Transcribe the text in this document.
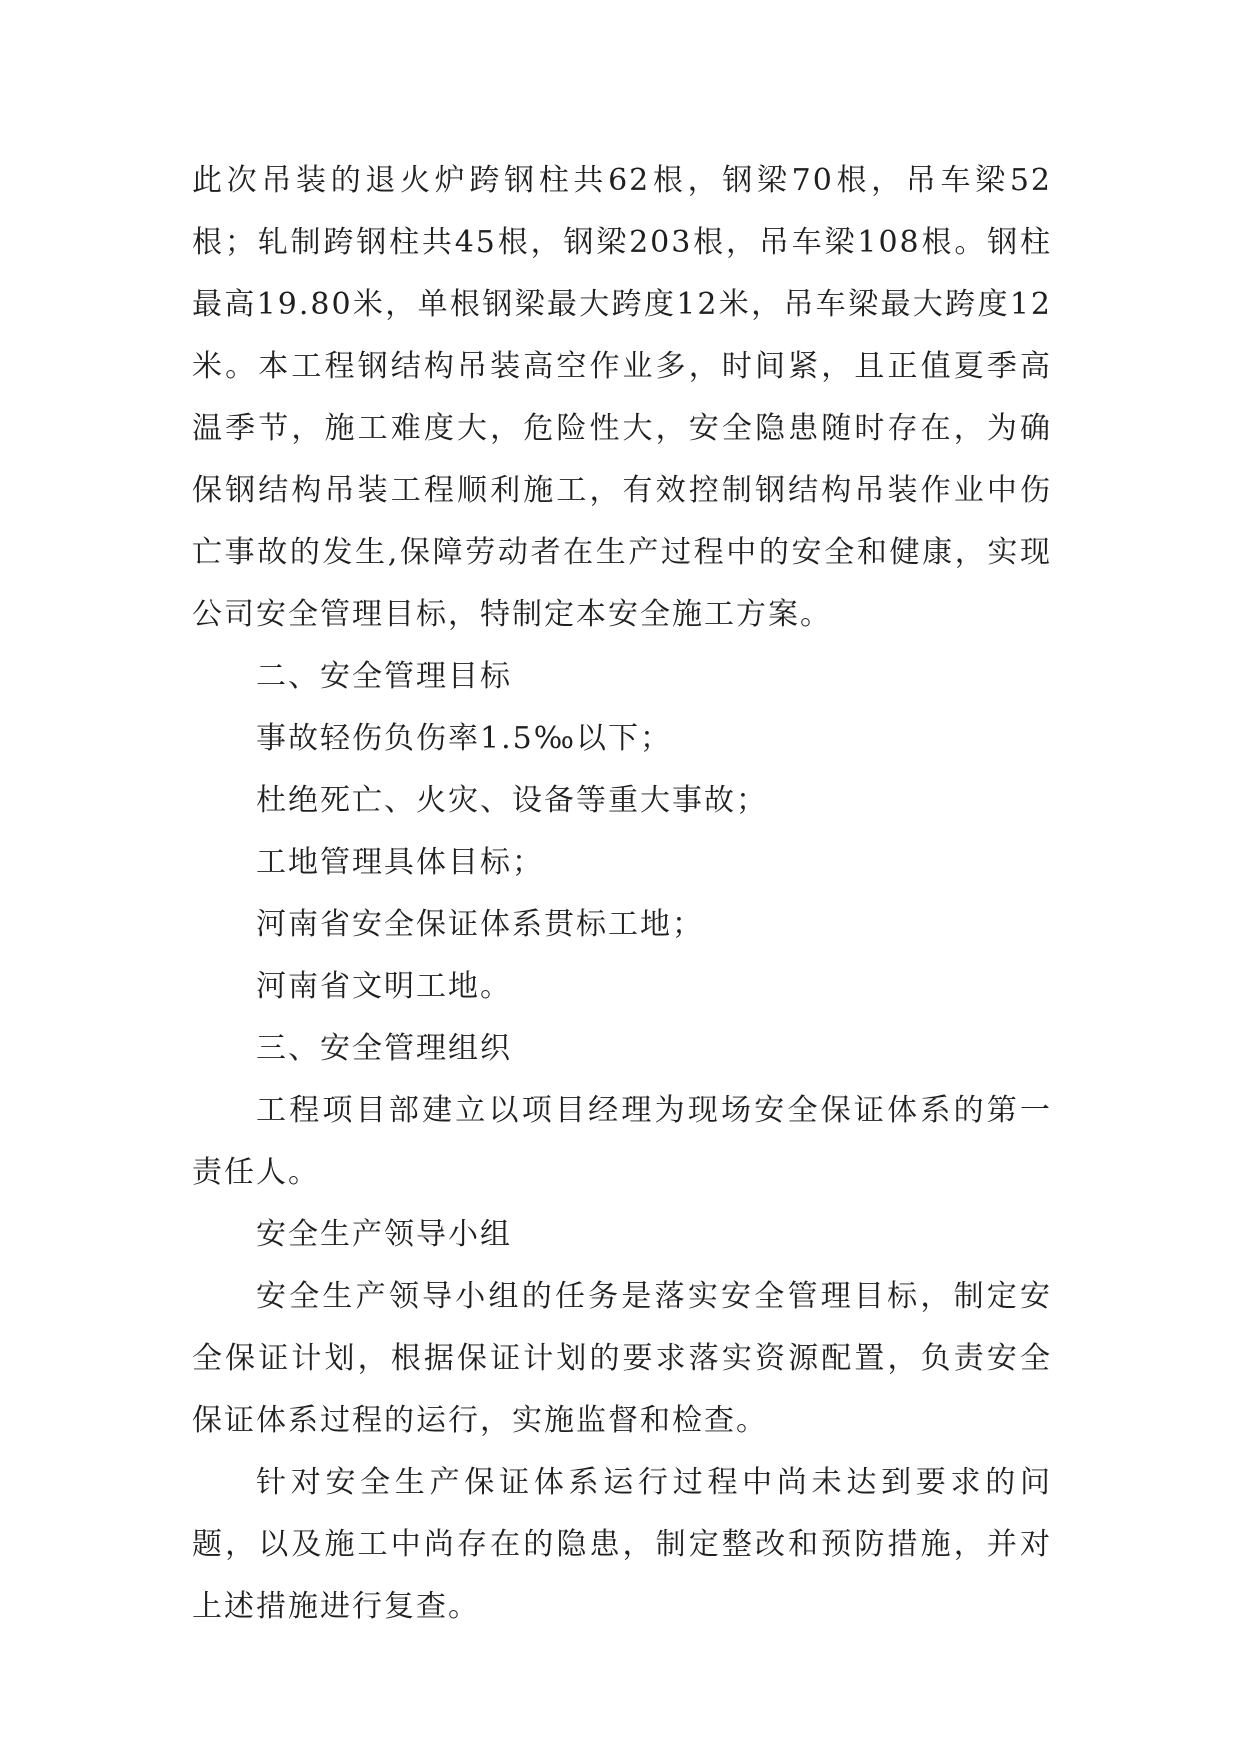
此次吊装的退火炉跨钢柱共62根，钢梁70根，吊车梁52根；轧制跨钢柱共45根，钢梁203根，吊车梁108根。钢柱最高19.80米，单根钢梁最大跨度12米，吊车梁最大跨度12米。本工程钢结构吊装高空作业多，时间紧，且正值夏季高温季节，施工难度大，危险性大，安全隐患随时存在，为确保钢结构吊装工程顺利施工，有效控制钢结构吊装作业中伤亡事故的发生,保障劳动者在生产过程中的安全和健康，实现公司安全管理目标，特制定本安全施工方案。

二、安全管理目标

事故轻伤负伤率1.5‰以下；

杜绝死亡、火灾、设备等重大事故；

工地管理具体目标；

河南省安全保证体系贯标工地；

河南省文明工地。

三、安全管理组织

工程项目部建立以项目经理为现场安全保证体系的第一责任人。

安全生产领导小组

安全生产领导小组的任务是落实安全管理目标，制定安全保证计划，根据保证计划的要求落实资源配置，负责安全保证体系过程的运行，实施监督和检查。

针对安全生产保证体系运行过程中尚未达到要求的问题，以及施工中尚存在的隐患，制定整改和预防措施，并对上述措施进行复查。
